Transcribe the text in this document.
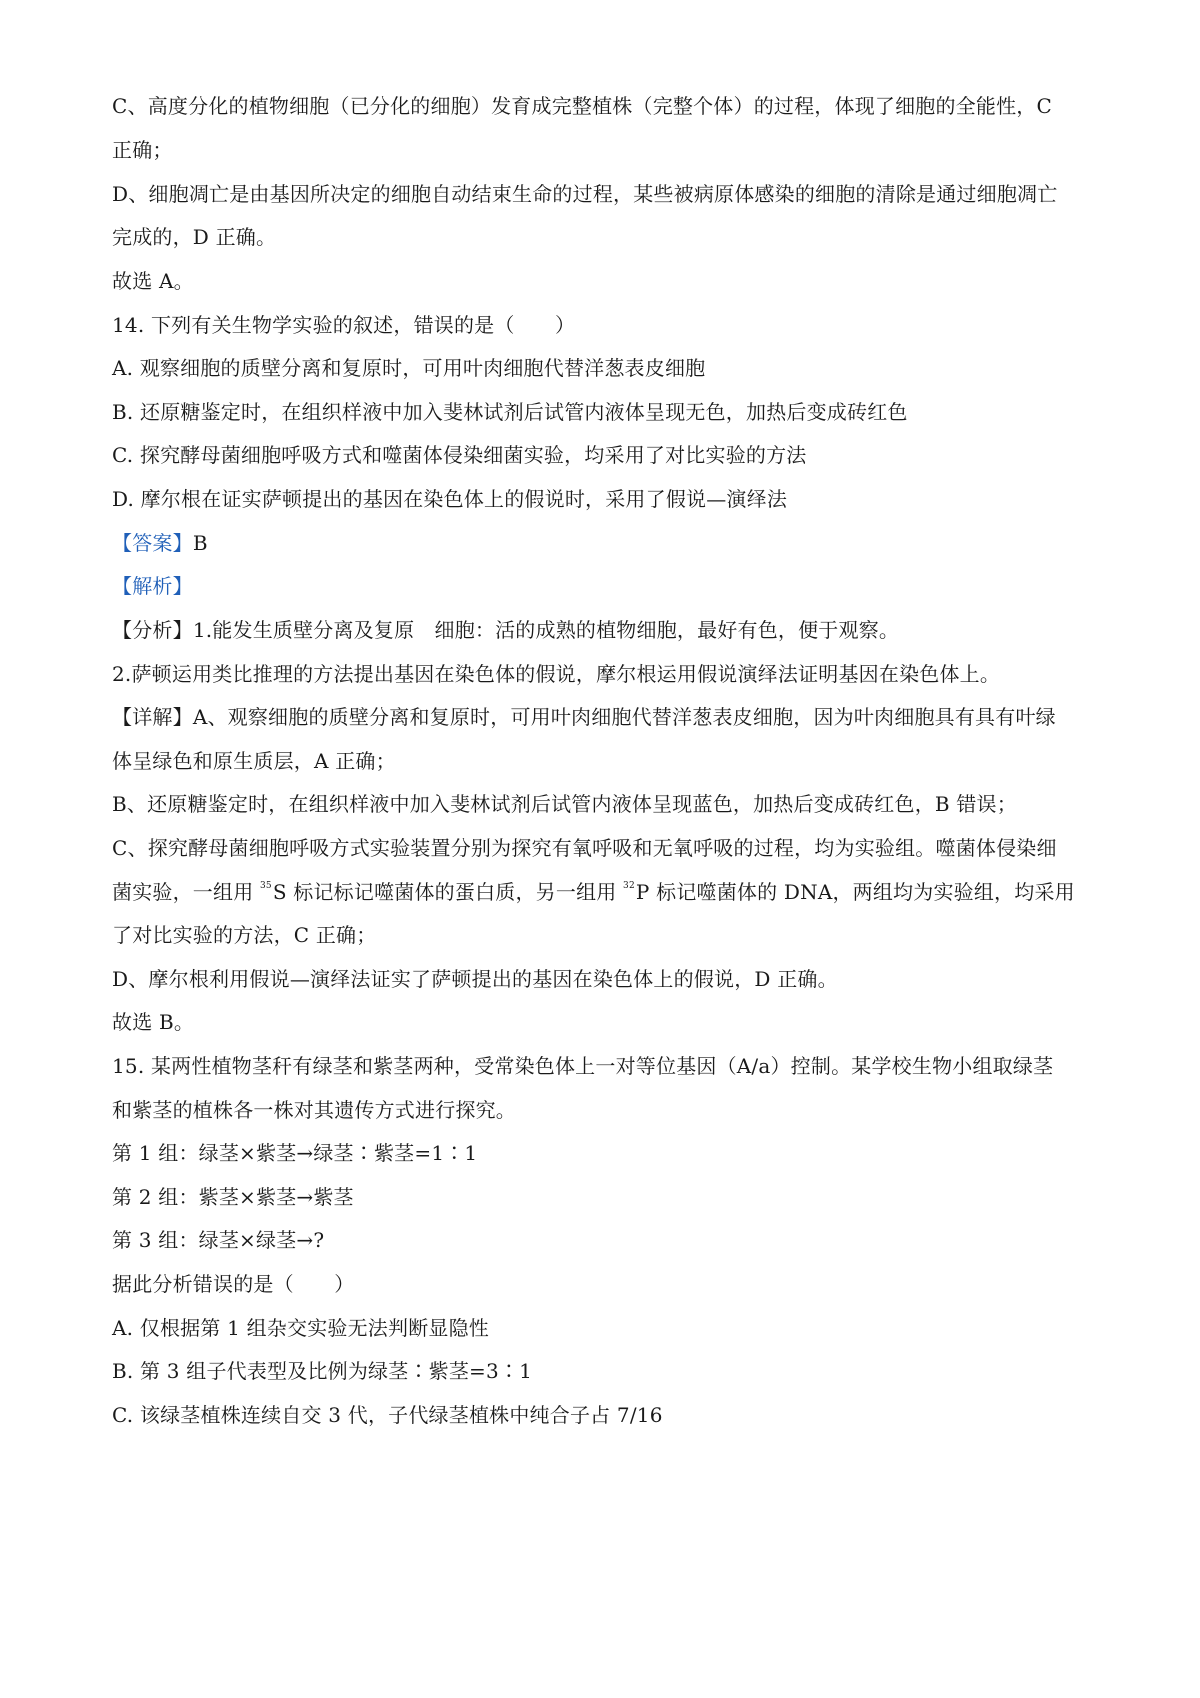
C、高度分化的植物细胞（已分化的细胞）发育成完整植株（完整个体）的过程，体现了细胞的全能性，C
正确；
D、细胞凋亡是由基因所决定的细胞自动结束生命的过程，某些被病原体感染的细胞的清除是通过细胞凋亡
完成的，D 正确。
故选 A。
14. 下列有关生物学实验的叙述，错误的是（　　）
A. 观察细胞的质壁分离和复原时，可用叶肉细胞代替洋葱表皮细胞
B. 还原糖鉴定时，在组织样液中加入斐林试剂后试管内液体呈现无色，加热后变成砖红色
C. 探究酵母菌细胞呼吸方式和噬菌体侵染细菌实验，均采用了对比实验的方法
D. 摩尔根在证实萨顿提出的基因在染色体上的假说时，采用了假说—演绎法
【答案】B
【解析】
【分析】1.能发生质壁分离及复原　细胞：活的成熟的植物细胞，最好有色，便于观察。
2.萨顿运用类比推理的方法提出基因在染色体的假说，摩尔根运用假说演绎法证明基因在染色体上。
【详解】A、观察细胞的质壁分离和复原时，可用叶肉细胞代替洋葱表皮细胞，因为叶肉细胞具有具有叶绿
体呈绿色和原生质层，A 正确；
B、还原糖鉴定时，在组织样液中加入斐林试剂后试管内液体呈现蓝色，加热后变成砖红色，B 错误；
C、探究酵母菌细胞呼吸方式实验装置分别为探究有氧呼吸和无氧呼吸的过程，均为实验组。噬菌体侵染细
菌实验，一组用 $^{35}$S 标记标记噬菌体的蛋白质，另一组用 $^{32}$P 标记噬菌体的 DNA，两组均为实验组，均采用
了对比实验的方法，C 正确；
D、摩尔根利用假说—演绎法证实了萨顿提出的基因在染色体上的假说，D 正确。
故选 B。
15. 某两性植物茎秆有绿茎和紫茎两种，受常染色体上一对等位基因（A/a）控制。某学校生物小组取绿茎
和紫茎的植株各一株对其遗传方式进行探究。
第 1 组：绿茎×紫茎→绿茎∶紫茎=1∶1
第 2 组：紫茎×紫茎→紫茎
第 3 组：绿茎×绿茎→?
据此分析错误的是（　　）
A. 仅根据第 1 组杂交实验无法判断显隐性
B. 第 3 组子代表型及比例为绿茎∶紫茎=3∶1
C. 该绿茎植株连续自交 3 代，子代绿茎植株中纯合子占 7/16
